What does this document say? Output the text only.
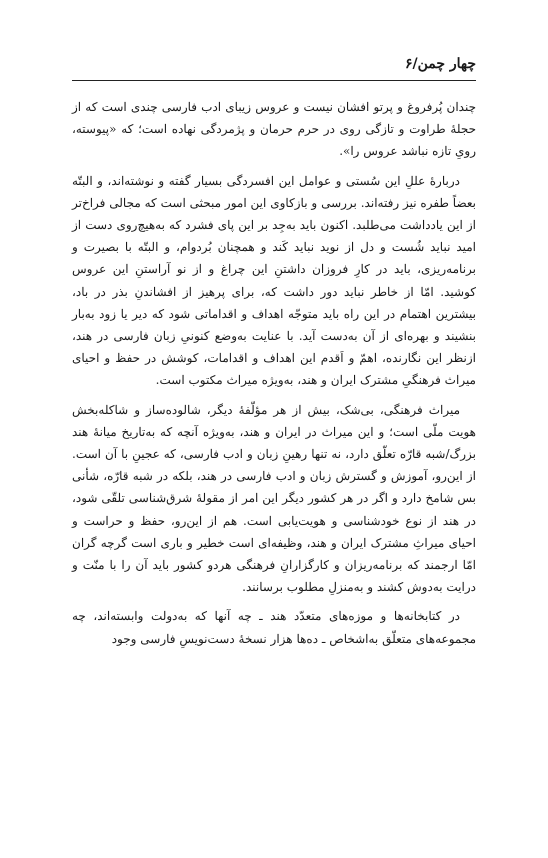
چهار چمن/۶

چندان پُرفروغ و پرتو افشان نیست و عروس زیبای ادب فارسی چندی است که از حجلهٔ طراوت و تازگی روی در حرم حرمان و پژمردگی نهاده است؛ که «پیوسته، رویِ تازه نباشد عروس را».

دربارهٔ عللِ این سُستی و عوامل این افسردگی بسیار گفته و نوشته‌اند، و البتّه بعضاً طفره نیز رفته‌اند. بررسی و بازکاوی این امور مبحثی است که مجالی فراخ‌تر از این یادداشت می‌طلبد. اکنون باید به‌جِد بر این پای فشرد که به‌هیچ‌روی دست از امید نباید شُست و دل از نوید نباید کَند و همچنان بُردوام، و البتّه با بصیرت و برنامه‌ریزی، باید در کارِ فروزان داشتنِ این چراغ و از نو آراستنِ این عروس کوشید. امّا از خاطر نباید دور داشت که، برای پرهیز از افشاندنِ بذر در باد، بیشترین اهتمام در این راه باید متوجّه اهداف و اقداماتی شود که دیر یا زود به‌بار بنشیند و بهره‌ای از آن به‌دست آید. با عنایت به‌وضع کنونیِ زبان فارسی در هند، ازنظر این نگارنده، اهمّ و اَقدم این اهداف و اقدامات، کوشش در حفظ و احیای میراث فرهنگیِ مشترک ایران و هند، به‌ویژه میراث مکتوب است.

میراث فرهنگی، بی‌شک، بیش از هر مؤلّفهٔ دیگر، شالوده‌ساز و شاکله‌بخش هویت ملّی است؛ و این میراث در ایران و هند، به‌ویژه آنچه که به‌تاریخ میانهٔ هند بزرگ/شبه قارّه تعلّق دارد، نه تنها رهینِ زبان و ادب فارسی، که عجینِ با آن است. از این‌رو، آموزش و گسترش زبان و ادب فارسی در هند، بلکه در شبه قارّه، شأنی بس شامخ دارد و اگر در هر کشور دیگر این امر از مقولهٔ شرق‌شناسی تلقّی شود، در هند از نوع خودشناسی و هویت‌یابی است. هم از این‌رو، حفظ و حراست و احیای میراثِ مشترک ایران و هند، وظیفه‌ای است خطیر و باری است گرچه گران امّا ارجمند که برنامه‌ریزان و کارگزارانِ فرهنگی هردو کشور باید آن را با منّت و درایت به‌دوش کشند و به‌منزلِ مطلوب برسانند.

در کتابخانه‌ها و موزه‌های متعدّد هند ـ چه آنها که به‌دولت وابسته‌اند، چه مجموعه‌های متعلّق به‌اشخاص ـ ده‌ها هزار نسخهٔ دست‌نویسِ فارسی وجود
